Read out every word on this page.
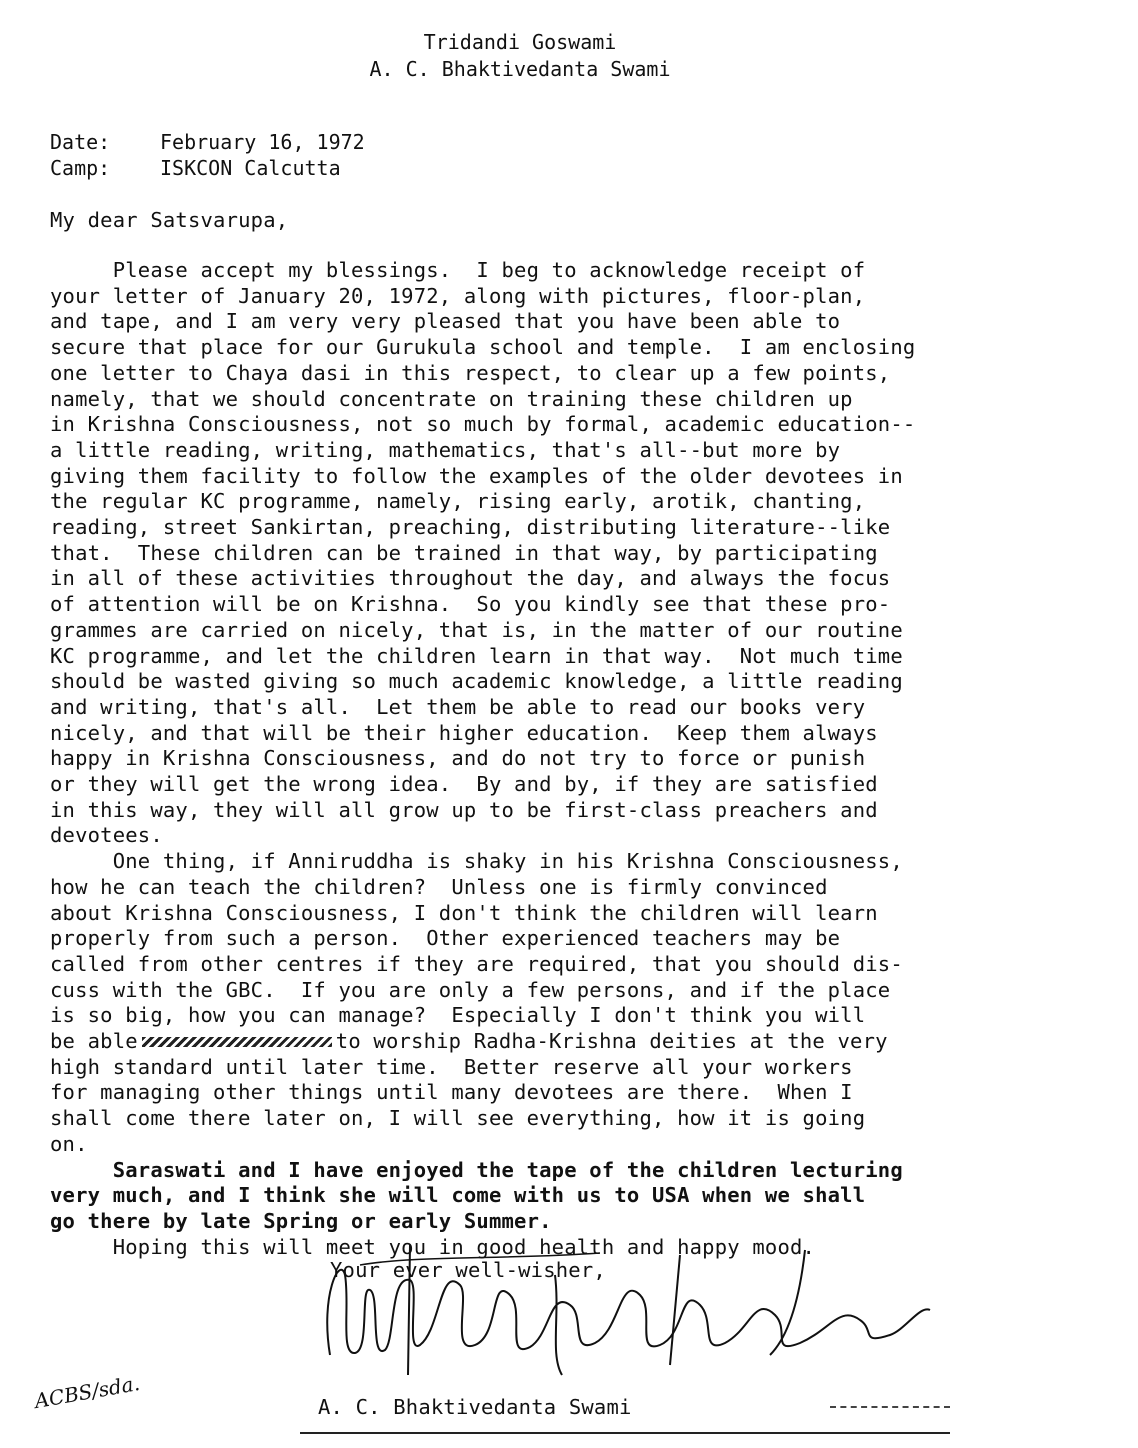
Tridandi Goswami
A. C. Bhaktivedanta Swami
Date: February 16, 1972
Camp: ISKCON Calcutta
My dear Satsvarupa,
Please accept my blessings.  I beg to acknowledge receipt of
your letter of January 20, 1972, along with pictures, floor-plan,
and tape, and I am very very pleased that you have been able to
secure that place for our Gurukula school and temple.  I am enclosing
one letter to Chaya dasi in this respect, to clear up a few points,
namely, that we should concentrate on training these children up
in Krishna Consciousness, not so much by formal, academic education--
a little reading, writing, mathematics, that's all--but more by
giving them facility to follow the examples of the older devotees in
the regular KC programme, namely, rising early, arotik, chanting,
reading, street Sankirtan, preaching, distributing literature--like
that.  These children can be trained in that way, by participating
in all of these activities throughout the day, and always the focus
of attention will be on Krishna.  So you kindly see that these pro-
grammes are carried on nicely, that is, in the matter of our routine
KC programme, and let the children learn in that way.  Not much time
should be wasted giving so much academic knowledge, a little reading
and writing, that's all.  Let them be able to read our books very
nicely, and that will be their higher education.  Keep them always
happy in Krishna Consciousness, and do not try to force or punish
or they will get the wrong idea.  By and by, if they are satisfied
in this way, they will all grow up to be first-class preachers and
devotees.
One thing, if Anniruddha is shaky in his Krishna Consciousness,
how he can teach the children?  Unless one is firmly convinced
about Krishna Consciousness, I don't think the children will learn
properly from such a person.  Other experienced teachers may be
called from other centres if they are required, that you should dis-
cuss with the GBC.  If you are only a few persons, and if the place
is so big, how you can manage?  Especially I don't think you will
high standard until later time.  Better reserve all your workers
for managing other things until many devotees are there.  When I
shall come there later on, I will see everything, how it is going
on.
Saraswati and I have enjoyed the tape of the children lecturing
very much, and I think she will come with us to USA when we shall
go there by late Spring or early Summer.
Hoping this will meet you in good health and happy mood.
be able	to worship Radha-Krishna deities at the very
Your ever well-wisher,
A. C. Bhaktivedanta Swami
ACBS/sda.
